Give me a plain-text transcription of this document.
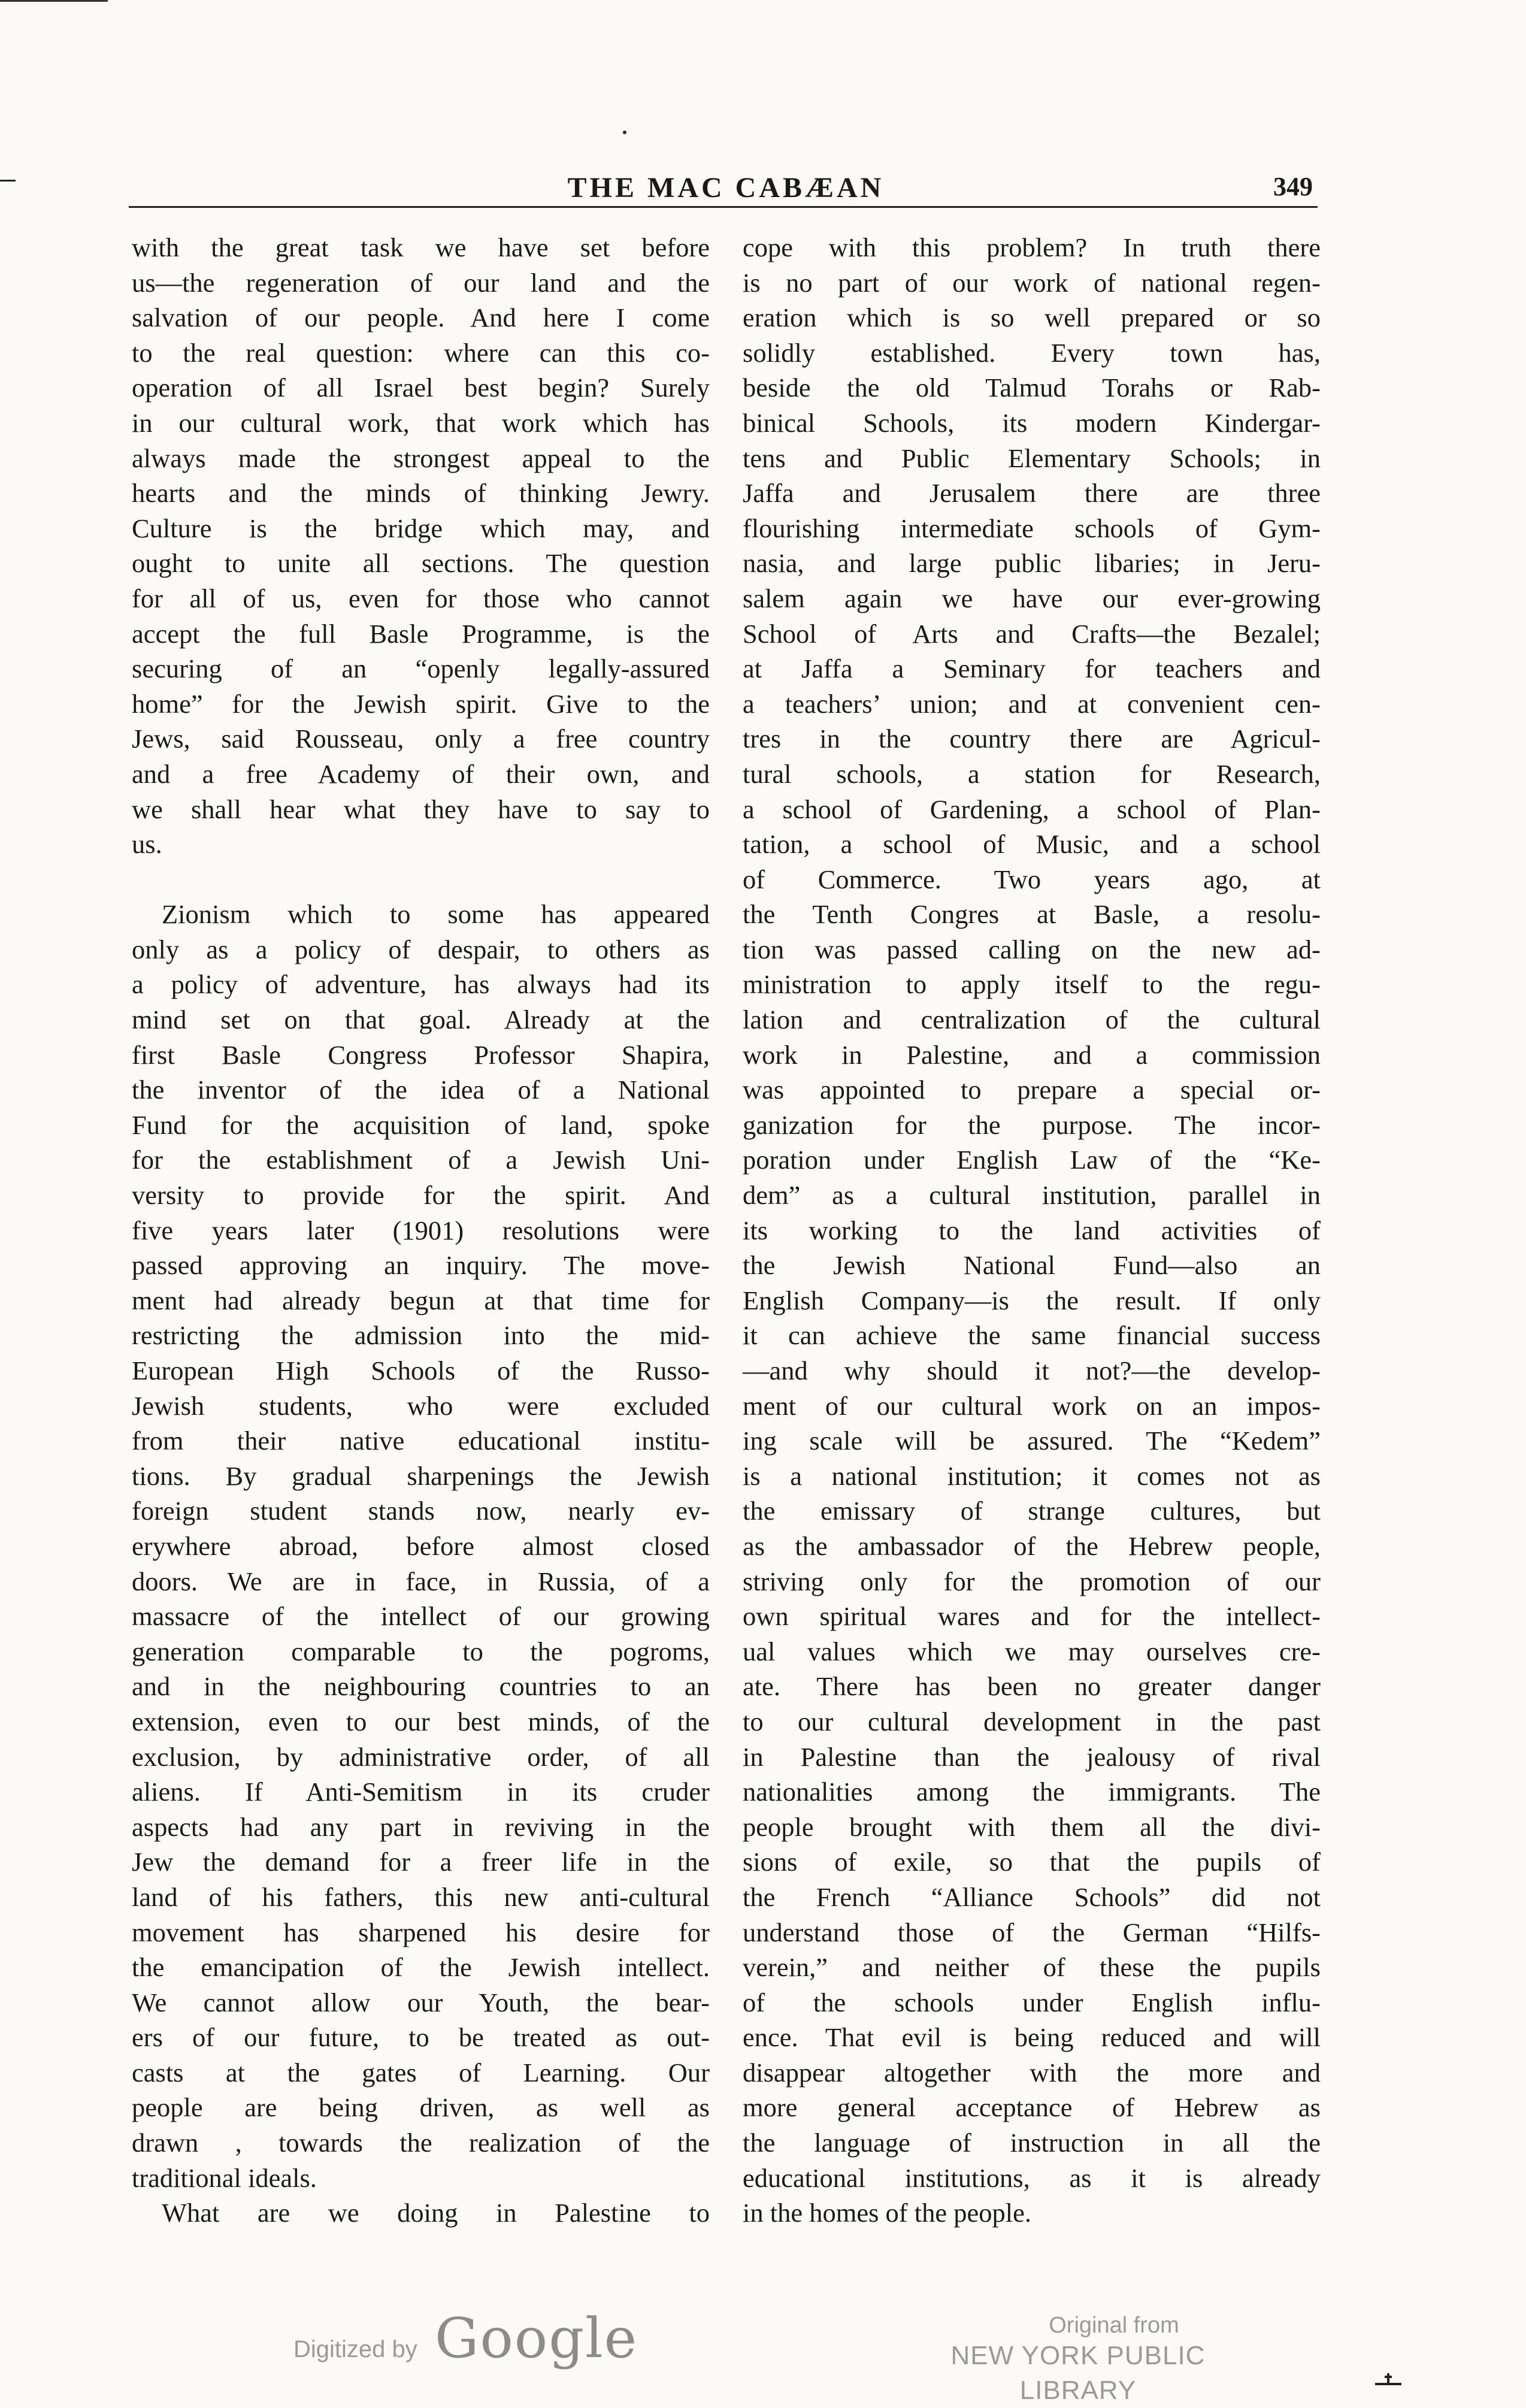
THE MAC CABÆAN	349
with the great task we have set before
us—the regeneration of our land and the
salvation of our people. And here I come
to the real question: where can this co-
operation of all Israel best begin? Surely
in our cultural work, that work which has
always made the strongest appeal to the
hearts and the minds of thinking Jewry.
Culture is the bridge which may, and
ought to unite all sections. The question
for all of us, even for those who cannot
accept the full Basle Programme, is the
securing of an “openly legally-assured
home” for the Jewish spirit. Give to the
Jews, said Rousseau, only a free country
and a free Academy of their own, and
we shall hear what they have to say to
us.
Zionism which to some has appeared
only as a policy of despair, to others as
a policy of adventure, has always had its
mind set on that goal. Already at the
first Basle Congress Professor Shapira,
the inventor of the idea of a National
Fund for the acquisition of land, spoke
for the establishment of a Jewish Uni-
versity to provide for the spirit. And
five years later (1901) resolutions were
passed approving an inquiry. The move-
ment had already begun at that time for
restricting the admission into the mid-
European High Schools of the Russo-
Jewish students, who were excluded
from their native educational institu-
tions. By gradual sharpenings the Jewish
foreign student stands now, nearly ev-
erywhere abroad, before almost closed
doors. We are in face, in Russia, of a
massacre of the intellect of our growing
generation comparable to the pogroms,
and in the neighbouring countries to an
extension, even to our best minds, of the
exclusion, by administrative order, of all
aliens. If Anti-Semitism in its cruder
aspects had any part in reviving in the
Jew the demand for a freer life in the
land of his fathers, this new anti-cultural
movement has sharpened his desire for
the emancipation of the Jewish intellect.
We cannot allow our Youth, the bear-
ers of our future, to be treated as out-
casts at the gates of Learning. Our
people are being driven, as well as
drawn , towards the realization of the
traditional ideals.
What are we doing in Palestine to
cope with this problem? In truth there
is no part of our work of national regen-
eration which is so well prepared or so
solidly established. Every town has,
beside the old Talmud Torahs or Rab-
binical Schools, its modern Kindergar-
tens and Public Elementary Schools; in
Jaffa and Jerusalem there are three
flourishing intermediate schools of Gym-
nasia, and large public libaries; in Jeru-
salem again we have our ever-growing
School of Arts and Crafts—the Bezalel;
at Jaffa a Seminary for teachers and
a teachers’ union; and at convenient cen-
tres in the country there are Agricul-
tural schools, a station for Research,
a school of Gardening, a school of Plan-
tation, a school of Music, and a school
of Commerce. Two years ago, at
the Tenth Congres at Basle, a resolu-
tion was passed calling on the new ad-
ministration to apply itself to the regu-
lation and centralization of the cultural
work in Palestine, and a commission
was appointed to prepare a special or-
ganization for the purpose. The incor-
poration under English Law of the “Ke-
dem” as a cultural institution, parallel in
its working to the land activities of
the Jewish National Fund—also an
English Company—is the result. If only
it can achieve the same financial success
—and why should it not?—the develop-
ment of our cultural work on an impos-
ing scale will be assured. The “Kedem”
is a national institution; it comes not as
the emissary of strange cultures, but
as the ambassador of the Hebrew people,
striving only for the promotion of our
own spiritual wares and for the intellect-
ual values which we may ourselves cre-
ate. There has been no greater danger
to our cultural development in the past
in Palestine than the jealousy of rival
nationalities among the immigrants. The
people brought with them all the divi-
sions of exile, so that the pupils of
the French “Alliance Schools” did not
understand those of the German “Hilfs-
verein,” and neither of these the pupils
of the schools under English influ-
ence. That evil is being reduced and will
disappear altogether with the more and
more general acceptance of Hebrew as
the language of instruction in all the
educational institutions, as it is already
in the homes of the people.
Digitized by Google	Original from
NEW YORK PUBLIC LIBRARY
